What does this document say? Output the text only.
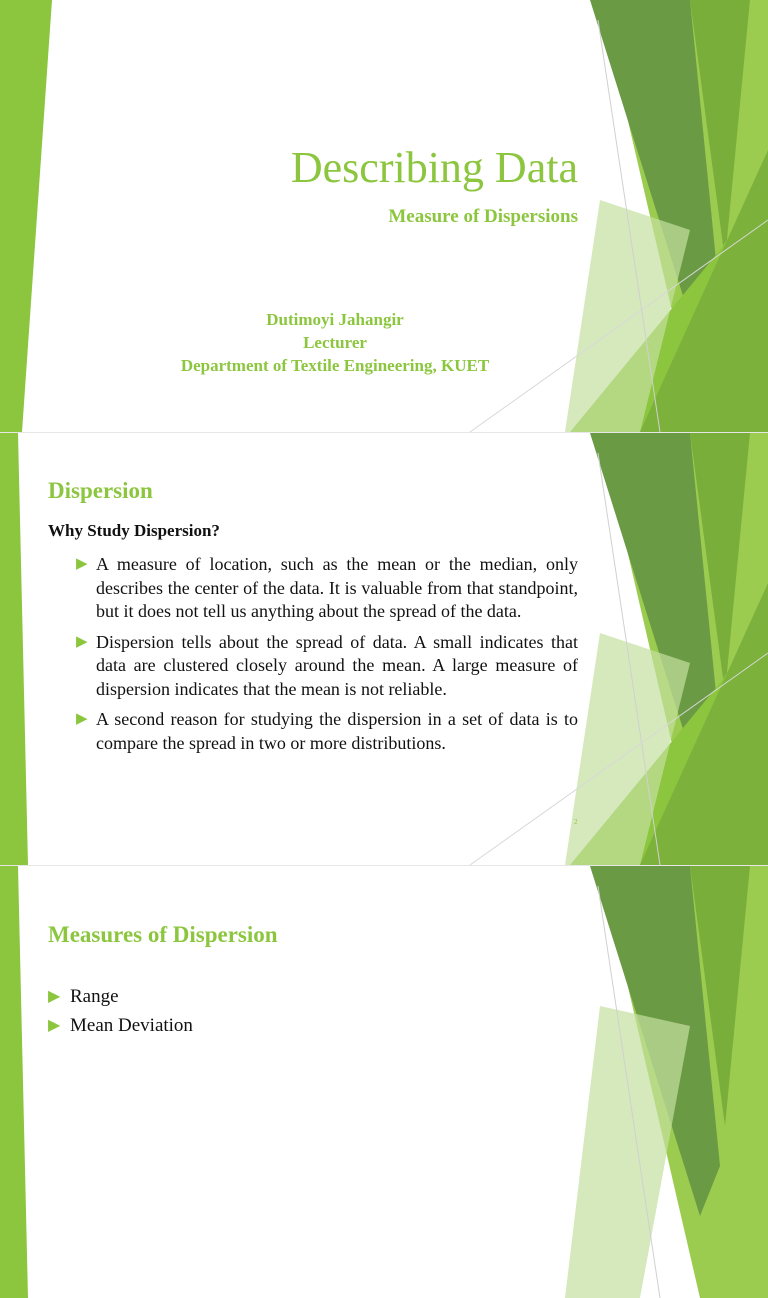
Describing Data
Measure of Dispersions
Dutimoyi Jahangir
Lecturer
Department of Textile Engineering, KUET
Dispersion
Why Study Dispersion?
▶ A measure of location, such as the mean or the median, only describes the center of the data. It is valuable from that standpoint, but it does not tell us anything about the spread of the data.
▶ Dispersion tells about the spread of data. A small indicates that data are clustered closely around the mean. A large measure of dispersion indicates that the mean is not reliable.
▶ A second reason for studying the dispersion in a set of data is to compare the spread in two or more distributions.
2
Measures of Dispersion
▶ Range
▶ Mean Deviation
